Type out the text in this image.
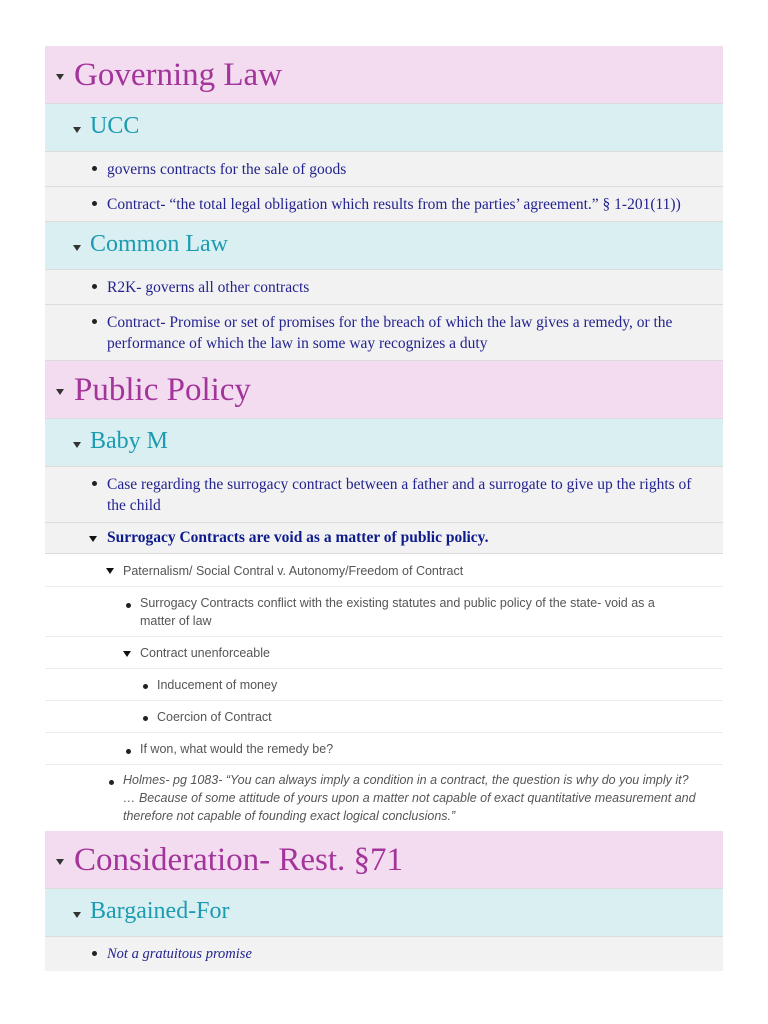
Governing Law
UCC
governs contracts for the sale of goods
Contract- “the total legal obligation which results from the parties’ agreement.” § 1-201(11))
Common Law
R2K- governs all other contracts
Contract- Promise or set of promises for the breach of which the law gives a remedy, or the performance of which the law in some way recognizes a duty
Public Policy
Baby M
Case regarding the surrogacy contract between a father and a surrogate to give up the rights of the child
Surrogacy Contracts are void as a matter of public policy.
Paternalism/ Social Contral v. Autonomy/Freedom of Contract
Surrogacy Contracts conflict with the existing statutes and public policy of the state- void as a matter of law
Contract unenforceable
Inducement of money
Coercion of Contract
If won, what would the remedy be?
Holmes- pg 1083- “You can always imply a condition in a contract, the question is why do you imply it? … Because of some attitude of yours upon a matter not capable of exact quantitative measurement and therefore not capable of founding exact logical conclusions.”
Consideration- Rest. §71
Bargained-For
Not a gratuitous promise
